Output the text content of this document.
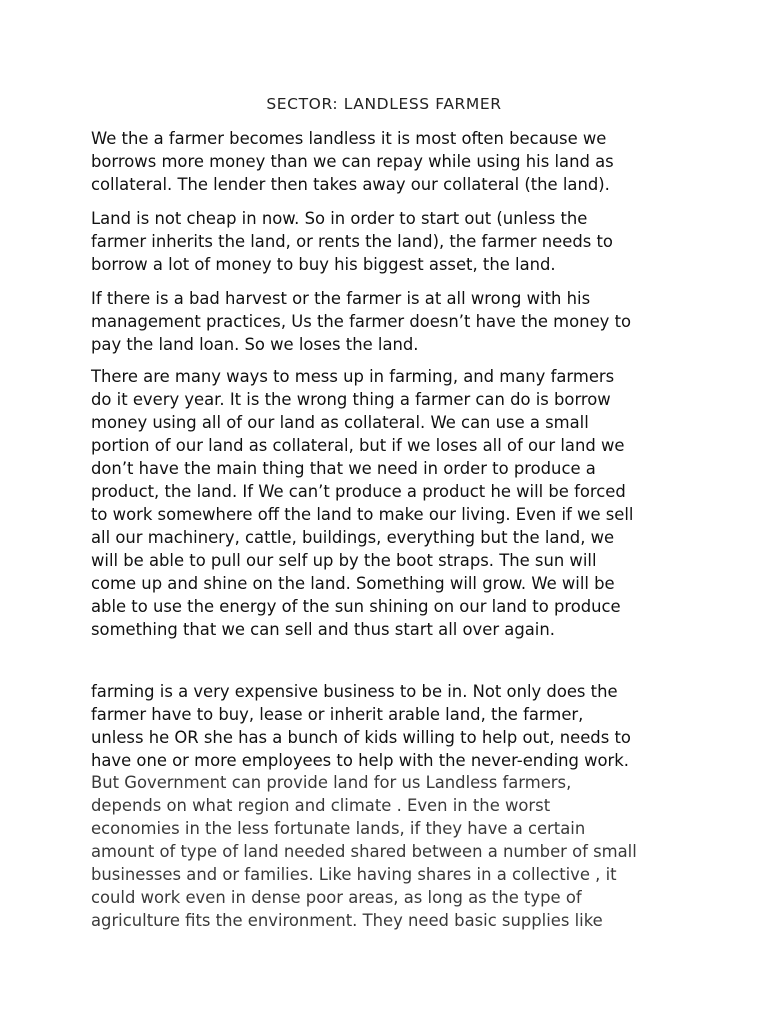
SECTOR: LANDLESS FARMER
We the a farmer becomes landless it is most often because we
borrows more money than we can repay while using his land as
collateral. The lender then takes away our collateral (the land).
Land is not cheap in now. So in order to start out (unless the
farmer inherits the land, or rents the land), the farmer needs to
borrow a lot of money to buy his biggest asset, the land.
If there is a bad harvest or the farmer is at all wrong with his
management practices, Us the farmer doesn’t have the money to
pay the land loan. So we loses the land.
There are many ways to mess up in farming, and many farmers
do it every year. It is the wrong thing a farmer can do is borrow
money using all of our land as collateral. We can use a small
portion of our land as collateral, but if we loses all of our land we
don’t have the main thing that we need in order to produce a
product, the land. If We can’t produce a product he will be forced
to work somewhere off the land to make our living. Even if we sell
all our machinery, cattle, buildings, everything but the land, we
will be able to pull our self up by the boot straps. The sun will
come up and shine on the land. Something will grow. We will be
able to use the energy of the sun shining on our land to produce
something that we can sell and thus start all over again.
farming is a very expensive business to be in. Not only does the
farmer have to buy, lease or inherit arable land, the farmer,
unless he OR she has a bunch of kids willing to help out, needs to
have one or more employees to help with the never-ending work.
But Government can provide land for us Landless farmers,
depends on what region and climate . Even in the worst
economies in the less fortunate lands, if they have a certain
amount of type of land needed shared between a number of small
businesses and or families. Like having shares in a collective , it
could work even in dense poor areas, as long as the type of
agriculture fits the environment. They need basic supplies like
